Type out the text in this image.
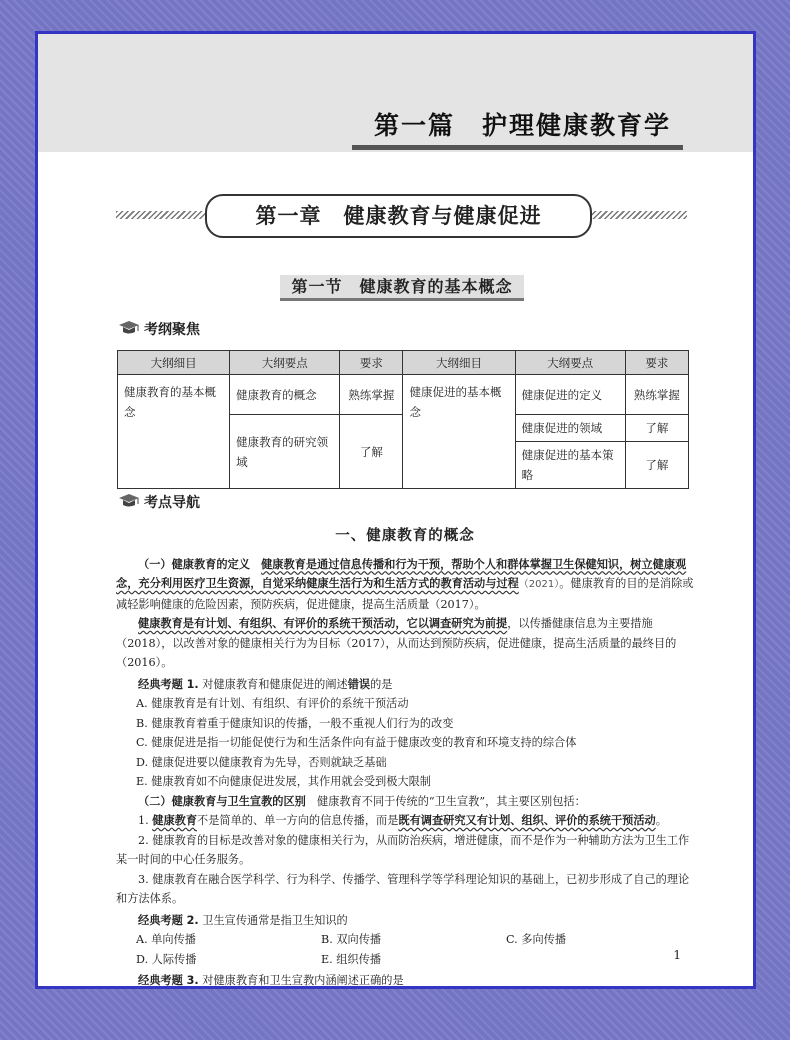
第一篇　护理健康教育学
第一章　健康教育与健康促进
第一节　健康教育的基本概念
考纲聚焦
大纲细目	大纲要点	要求	大纲细目	大纲要点	要求
健康教育的基本概念	健康教育的概念	熟练掌握	健康促进的基本概念	健康促进的定义	熟练掌握
	健康教育的研究领域	了解		健康促进的领域	了解
				健康促进的基本策略	了解
考点导航
一、健康教育的概念
（一）健康教育的定义　 健康教育是通过信息传播和行为干预，帮助个人和群体掌握卫生保健知识，树立健康观念，充分利用医疗卫生资源，自觉采纳健康生活行为和生活方式的教育活动与过程（2021）。健康教育的目的是消除或减轻影响健康的危险因素，预防疾病，促进健康，提高生活质量（2017）。
健康教育是有计划、有组织、有评价的系统干预活动，它以调查研究为前提，以传播健康信息为主要措施（2018），以改善对象的健康相关行为为目标（2017），从而达到预防疾病，促进健康，提高生活质量的最终目的（2016）。
经典考题 1. 对健康教育和健康促进的阐述错误的是
A. 健康教育是有计划、有组织、有评价的系统干预活动
B. 健康教育着重于健康知识的传播，一般不重视人们行为的改变
C. 健康促进是指一切能促使行为和生活条件向有益于健康改变的教育和环境支持的综合体
D. 健康促进要以健康教育为先导，否则就缺乏基础
E. 健康教育如不向健康促进发展，其作用就会受到极大限制
（二）健康教育与卫生宣教的区别　健康教育不同于传统的“卫生宣教”，其主要区别包括：
1. 健康教育不是简单的、单一方向的信息传播，而是既有调查研究又有计划、组织、评价的系统干预活动。
2. 健康教育的目标是改善对象的健康相关行为，从而防治疾病，增进健康，而不是作为一种辅助方法为卫生工作某一时间的中心任务服务。
3. 健康教育在融合医学科学、行为科学、传播学、管理科学等学科理论知识的基础上，已初步形成了自己的理论和方法体系。
经典考题 2. 卫生宣传通常是指卫生知识的
A. 单向传播	B. 双向传播	C. 多向传播
D. 人际传播	E. 组织传播
经典考题 3. 对健康教育和卫生宣教内涵阐述正确的是
1
